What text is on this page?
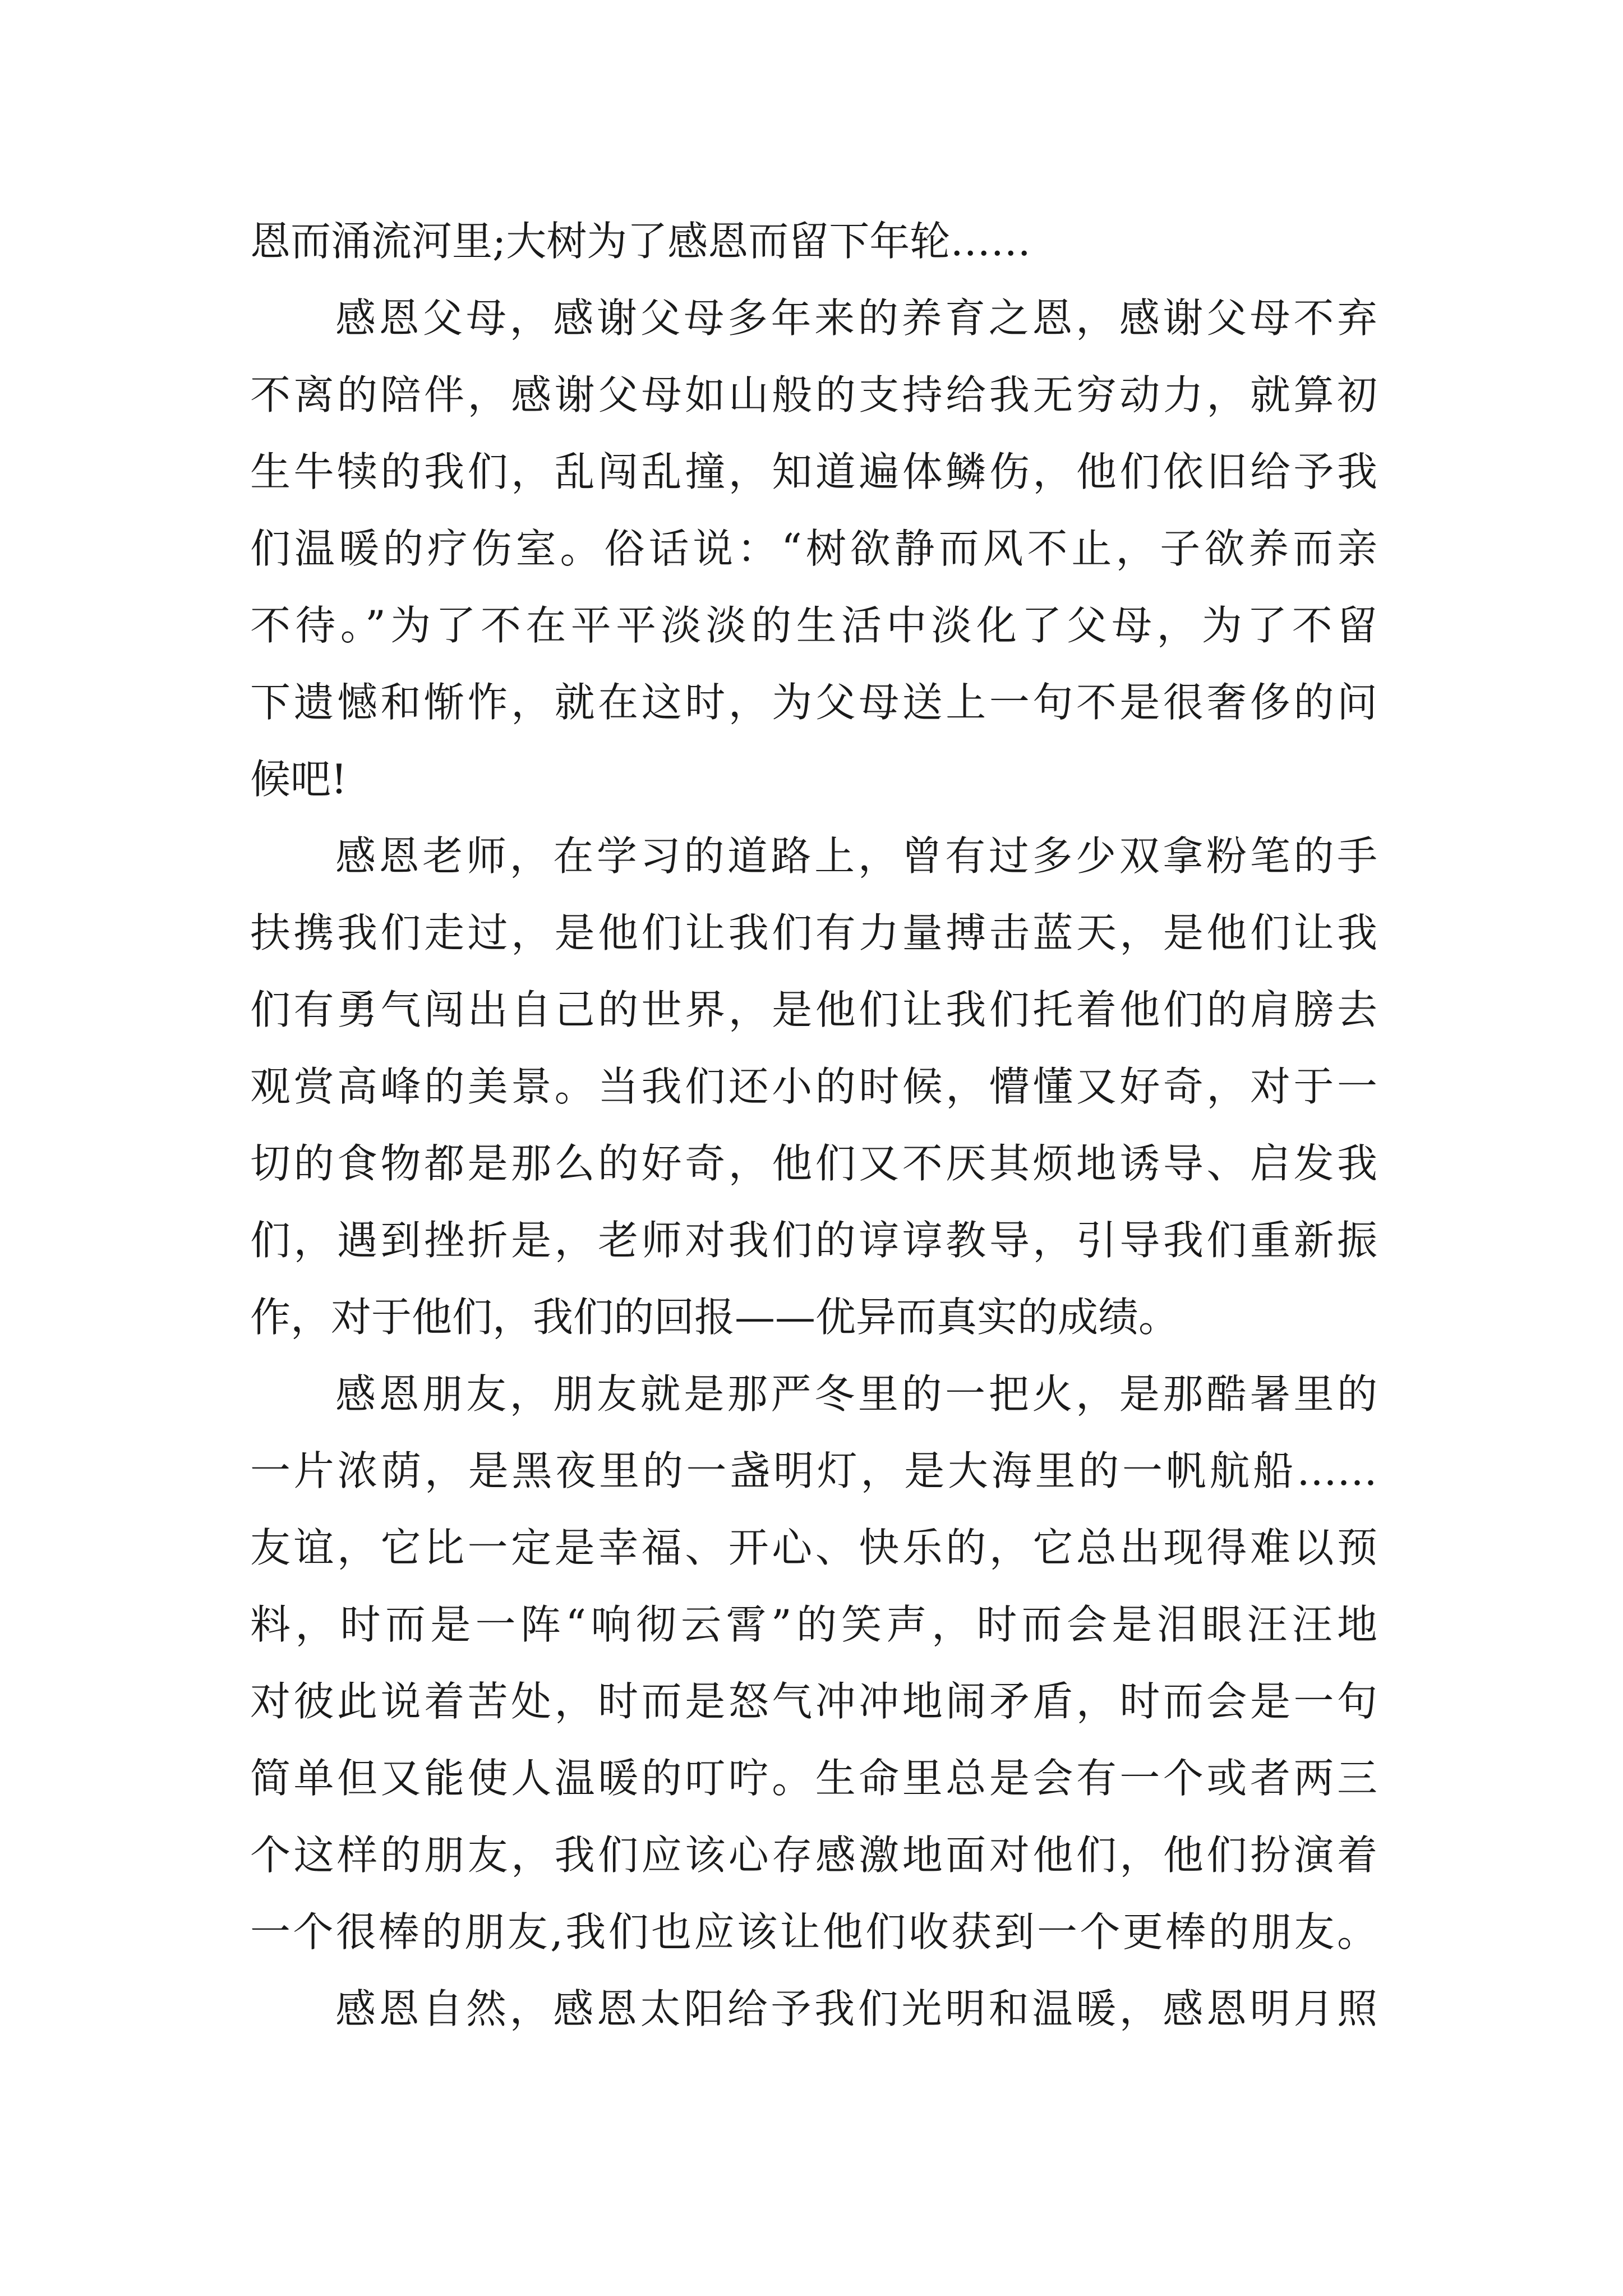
恩而涌流河里;大树为了感恩而留下年轮……
感恩父母，感谢父母多年来的养育之恩，感谢父母不弃
不离的陪伴，感谢父母如山般的支持给我无穷动力，就算初
生牛犊的我们，乱闯乱撞，知道遍体鳞伤，他们依旧给予我
们温暖的疗伤室。俗话说：“树欲静而风不止，子欲养而亲
不待。”为了不在平平淡淡的生活中淡化了父母，为了不留
下遗憾和惭怍，就在这时，为父母送上一句不是很奢侈的问
候吧!
感恩老师，在学习的道路上，曾有过多少双拿粉笔的手
扶携我们走过，是他们让我们有力量搏击蓝天，是他们让我
们有勇气闯出自己的世界，是他们让我们托着他们的肩膀去
观赏高峰的美景。当我们还小的时候，懵懂又好奇，对于一
切的食物都是那么的好奇，他们又不厌其烦地诱导、启发我
们，遇到挫折是，老师对我们的谆谆教导，引导我们重新振
作，对于他们，我们的回报——优异而真实的成绩。
感恩朋友，朋友就是那严冬里的一把火，是那酷暑里的
一片浓荫，是黑夜里的一盏明灯，是大海里的一帆航船……
友谊，它比一定是幸福、开心、快乐的，它总出现得难以预
料，时而是一阵“响彻云霄”的笑声，时而会是泪眼汪汪地
对彼此说着苦处，时而是怒气冲冲地闹矛盾，时而会是一句
简单但又能使人温暖的叮咛。生命里总是会有一个或者两三
个这样的朋友，我们应该心存感激地面对他们，他们扮演着
一个很棒的朋友,我们也应该让他们收获到一个更棒的朋友。
感恩自然，感恩太阳给予我们光明和温暖，感恩明月照
